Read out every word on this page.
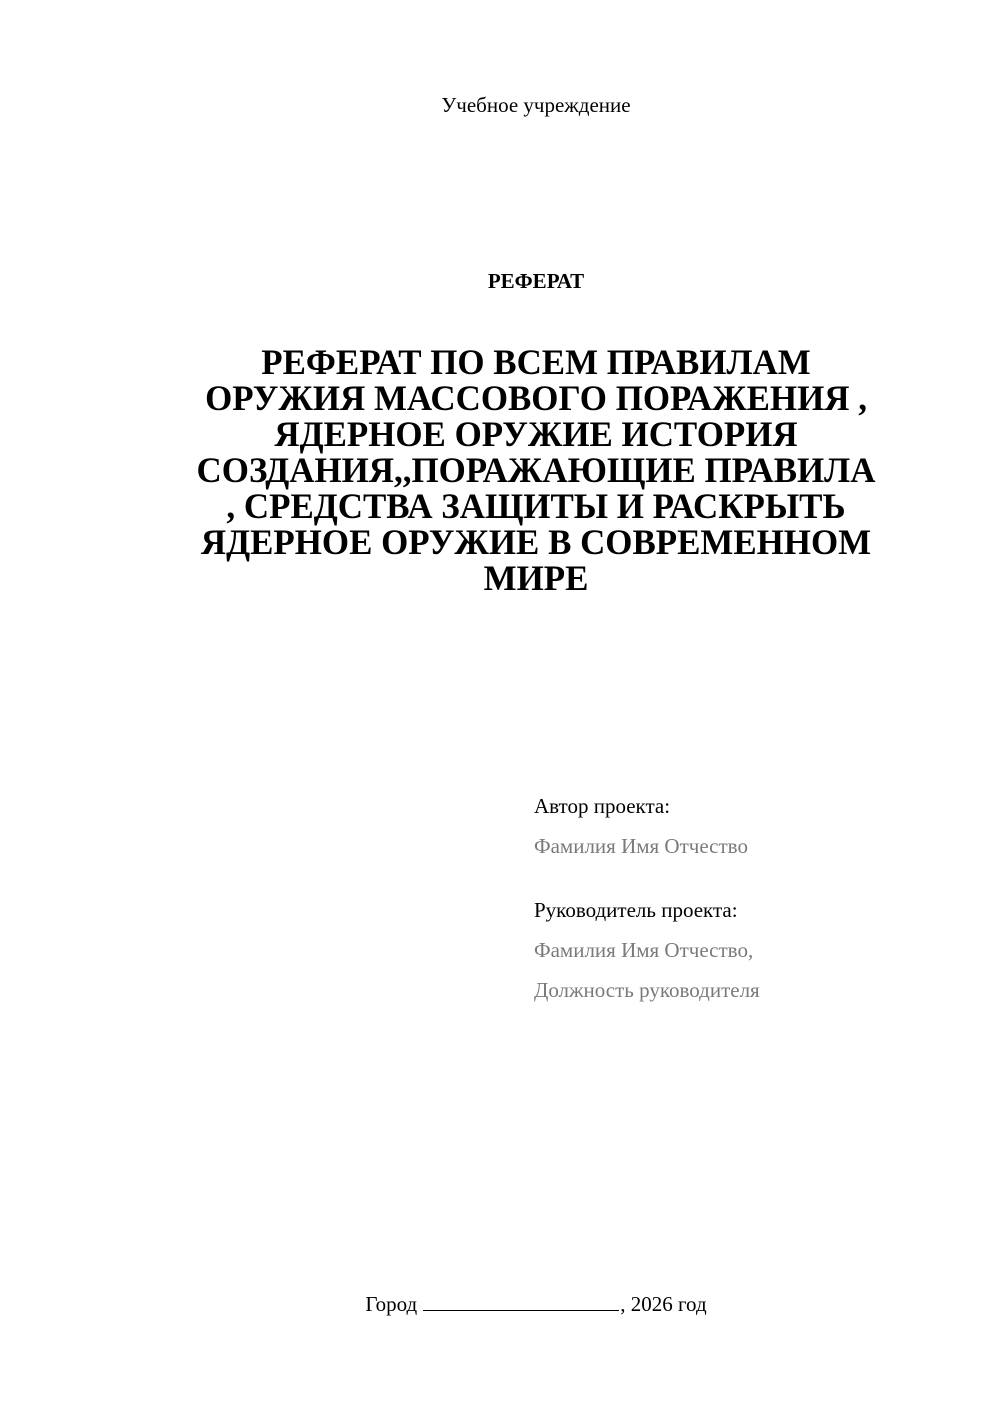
Учебное учреждение
РЕФЕРАТ
РЕФЕРАТ ПО ВСЕМ ПРАВИЛАМ
ОРУЖИЯ МАССОВОГО ПОРАЖЕНИЯ ,
ЯДЕРНОЕ ОРУЖИЕ ИСТОРИЯ
СОЗДАНИЯ,,ПОРАЖАЮЩИЕ ПРАВИЛА
, СРЕДСТВА ЗАЩИТЫ И РАСКРЫТЬ
ЯДЕРНОЕ ОРУЖИЕ В СОВРЕМЕННОМ
МИРЕ
Автор проекта:
Фамилия Имя Отчество
Руководитель проекта:
Фамилия Имя Отчество,
Должность руководителя
Город	, 2026 год
